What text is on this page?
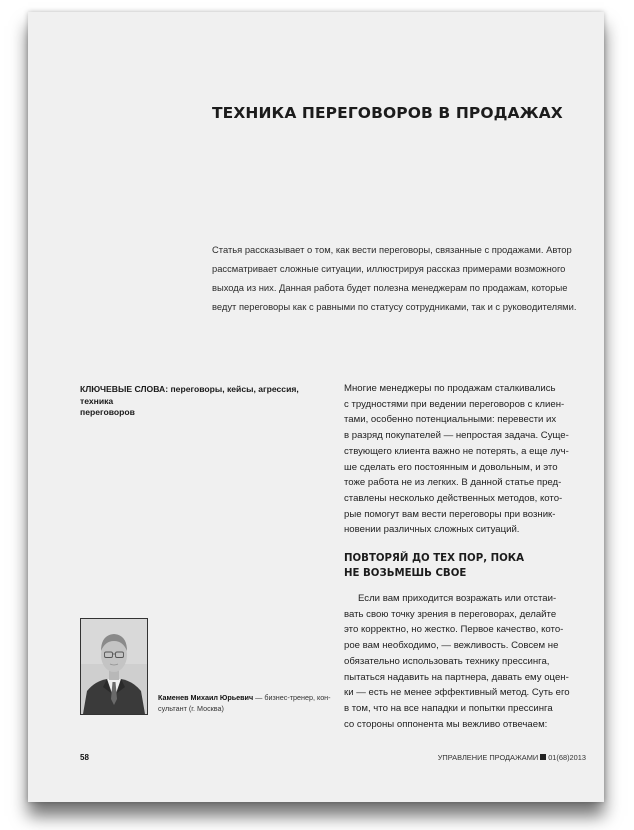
ТЕХНИКА ПЕРЕГОВОРОВ В ПРОДАЖАХ

Статья рассказывает о том, как вести переговоры, связанные с продажами. Автор
рассматривает сложные ситуации, иллюстрируя рассказ примерами возможного
выхода из них. Данная работа будет полезна менеджерам по продажам, которые
ведут переговоры как с равными по статусу сотрудниками, так и с руководителями.

КЛЮЧЕВЫЕ СЛОВА: переговоры, кейсы, агрессия, техника
переговоров

Многие менеджеры по продажам сталкивались
с трудностями при ведении переговоров с клиен-
тами, особенно потенциальными: перевести их
в разряд покупателей — непростая задача. Суще-
ствующего клиента важно не потерять, а еще луч-
ше сделать его постоянным и довольным, и это
тоже работа не из легких. В данной статье пред-
ставлены несколько действенных методов, кото-
рые помогут вам вести переговоры при возник-
новении различных сложных ситуаций.

ПОВТОРЯЙ ДО ТЕХ ПОР, ПОКА
НЕ ВОЗЬМЕШЬ СВОЕ

Если вам приходится возражать или отстаи-
вать свою точку зрения в переговорах, делайте
это корректно, но жестко. Первое качество, кото-
рое вам необходимо, — вежливость. Совсем не
обязательно использовать технику прессинга,
пытаться надавить на партнера, давать ему оцен-
ки — есть не менее эффективный метод. Суть его
в том, что на все нападки и попытки прессинга
со стороны оппонента мы вежливо отвечаем:

Каменев Михаил Юрьевич — бизнес-тренер, кон-
сультант (г. Москва)
58	УПРАВЛЕНИЕ ПРОДАЖАМИ 01(68)2013
